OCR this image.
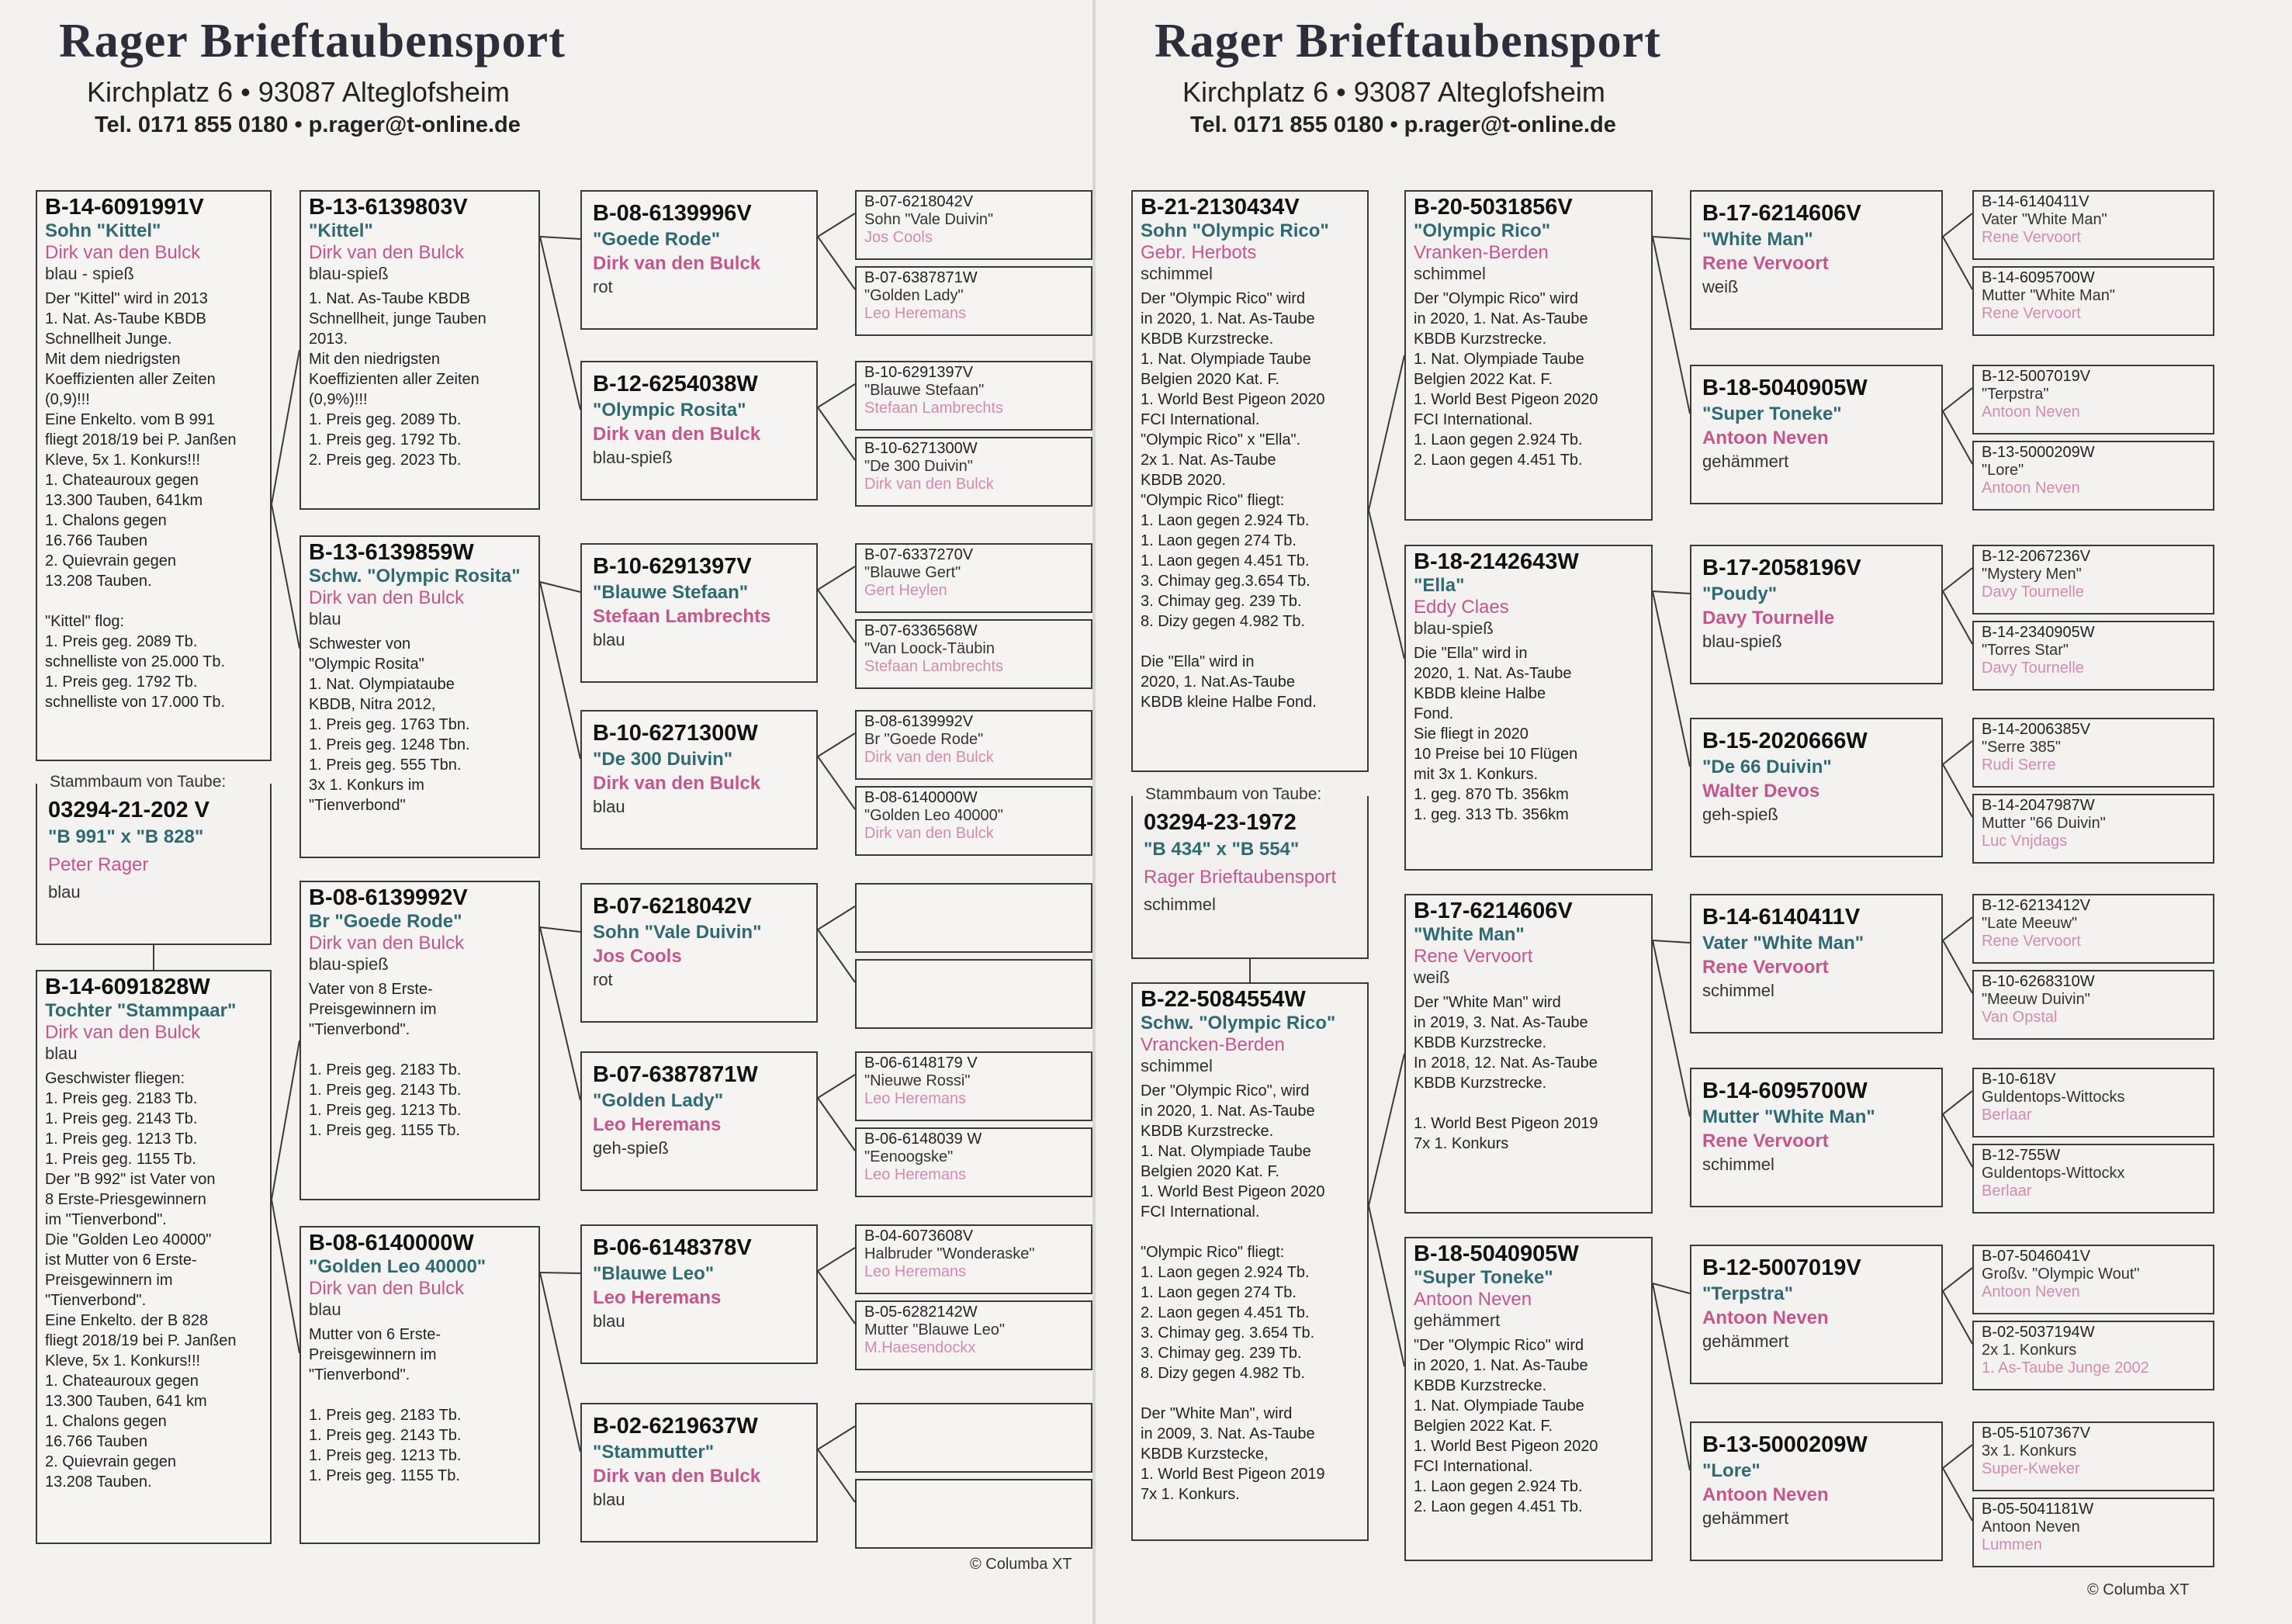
Rager Brieftaubensport
Kirchplatz 6 • 93087 Alteglofsheim
Tel. 0171 855 0180 • p.rager@t-online.de
B-14-6091991V
Sohn "Kittel"
Dirk van den Bulck
blau - spieß
Der "Kittel" wird in 2013
1. Nat. As-Taube KBDB
Schnellheit Junge.
Mit dem niedrigsten
Koeffizienten aller Zeiten
(0,9)!!!
Eine Enkelto. vom B 991
fliegt 2018/19 bei P. Janßen
Kleve, 5x 1. Konkurs!!!
1. Chateauroux gegen
13.300 Tauben, 641km
1. Chalons gegen
16.766 Tauben
2. Quievrain gegen
13.208 Tauben.

"Kittel" flog:
1. Preis geg. 2089 Tb.
schnelliste von 25.000 Tb.
1. Preis geg. 1792 Tb.
schnelliste von 17.000 Tb.
Stammbaum von Taube:
03294-21-202 V
"B 991" x "B 828"
Peter Rager
blau
B-14-6091828W
Tochter "Stammpaar"
Dirk van den Bulck
blau
Geschwister fliegen:
1. Preis geg. 2183 Tb.
1. Preis geg. 2143 Tb.
1. Preis geg. 1213 Tb.
1. Preis geg. 1155 Tb.
Der "B 992" ist Vater von
8 Erste-Priesgewinnern
im "Tienverbond".
Die "Golden Leo 40000"
ist Mutter von 6 Erste-
Preisgewinnern im
"Tienverbond".
Eine Enkelto. der B 828
fliegt 2018/19 bei P. Janßen
Kleve, 5x 1. Konkurs!!!
1. Chateauroux gegen
13.300 Tauben, 641 km
1. Chalons gegen
16.766 Tauben
2. Quievrain gegen
13.208 Tauben.
B-13-6139803V
"Kittel"
Dirk van den Bulck
blau-spieß
1. Nat. As-Taube KBDB
Schnellheit, junge Tauben
2013.
Mit den niedrigsten
Koeffizienten aller Zeiten
(0,9%)!!!
1. Preis geg. 2089 Tb.
1. Preis geg. 1792 Tb.
2. Preis geg. 2023 Tb.
B-13-6139859W
Schw. "Olympic Rosita"
Dirk van den Bulck
blau
Schwester von
"Olympic Rosita"
1. Nat. Olympiataube
KBDB, Nitra 2012,
1. Preis geg. 1763 Tbn.
1. Preis geg. 1248 Tbn.
1. Preis geg. 555 Tbn.
3x 1. Konkurs im
"Tienverbond"
B-08-6139992V
Br "Goede Rode"
Dirk van den Bulck
blau-spieß
Vater von 8 Erste-
Preisgewinnern im
"Tienverbond".

1. Preis geg. 2183 Tb.
1. Preis geg. 2143 Tb.
1. Preis geg. 1213 Tb.
1. Preis geg. 1155 Tb.
B-08-6140000W
"Golden Leo 40000"
Dirk van den Bulck
blau
Mutter von 6 Erste-
Preisgewinnern im
"Tienverbond".

1. Preis geg. 2183 Tb.
1. Preis geg. 2143 Tb.
1. Preis geg. 1213 Tb.
1. Preis geg. 1155 Tb.
B-08-6139996V
"Goede Rode"
Dirk van den Bulck
rot
B-12-6254038W
"Olympic Rosita"
Dirk van den Bulck
blau-spieß
B-10-6291397V
"Blauwe Stefaan"
Stefaan Lambrechts
blau
B-10-6271300W
"De 300 Duivin"
Dirk van den Bulck
blau
B-07-6218042V
Sohn "Vale Duivin"
Jos Cools
rot
B-07-6387871W
"Golden Lady"
Leo Heremans
geh-spieß
B-06-6148378V
"Blauwe Leo"
Leo Heremans
blau
B-02-6219637W
"Stammutter"
Dirk van den Bulck
blau
B-07-6218042V
Sohn "Vale Duivin"
Jos Cools
B-07-6387871W
"Golden Lady"
Leo Heremans
B-10-6291397V
"Blauwe Stefaan"
Stefaan Lambrechts
B-10-6271300W
"De 300 Duivin"
Dirk van den Bulck
B-07-6337270V
"Blauwe Gert"
Gert Heylen
B-07-6336568W
"Van Loock-Täubin
Stefaan Lambrechts
B-08-6139992V
Br "Goede Rode"
Dirk van den Bulck
B-08-6140000W
"Golden Leo 40000"
Dirk van den Bulck
B-06-6148179 V
"Nieuwe Rossi"
Leo Heremans
B-06-6148039 W
"Eenoogske"
Leo Heremans
B-04-6073608V
Halbruder "Wonderaske"
Leo Heremans
B-05-6282142W
Mutter "Blauwe Leo"
M.Haesendockx
© Columba XT
Rager Brieftaubensport
Kirchplatz 6 • 93087 Alteglofsheim
Tel. 0171 855 0180 • p.rager@t-online.de
B-21-2130434V
Sohn "Olympic Rico"
Gebr. Herbots
schimmel
Der "Olympic Rico" wird
in 2020, 1. Nat. As-Taube
KBDB Kurzstrecke.
1. Nat. Olympiade Taube
Belgien 2020 Kat. F.
1. World Best Pigeon 2020
FCI International.
"Olympic Rico" x "Ella".
2x 1. Nat. As-Taube
KBDB 2020.
"Olympic Rico" fliegt:
1. Laon gegen 2.924 Tb.
1. Laon gegen 274 Tb.
1. Laon gegen 4.451 Tb.
3. Chimay geg.3.654 Tb.
3. Chimay geg. 239 Tb.
8. Dizy gegen 4.982 Tb.

Die "Ella" wird in
2020, 1. Nat.As-Taube
KBDB kleine Halbe Fond.
Stammbaum von Taube:
03294-23-1972
"B 434" x "B 554"
Rager Brieftaubensport
schimmel
B-22-5084554W
Schw. "Olympic Rico"
Vrancken-Berden
schimmel
Der "Olympic Rico", wird
in 2020, 1. Nat. As-Taube
KBDB Kurzstrecke.
1. Nat. Olympiade Taube
Belgien 2020 Kat. F.
1. World Best Pigeon 2020
FCI International.

"Olympic Rico" fliegt:
1. Laon gegen 2.924 Tb.
1. Laon gegen 274 Tb.
2. Laon gegen 4.451 Tb.
3. Chimay geg. 3.654 Tb.
3. Chimay geg. 239 Tb.
8. Dizy gegen 4.982 Tb.

Der "White Man", wird
in 2009, 3. Nat. As-Taube
KBDB Kurzstecke,
1. World Best Pigeon 2019
7x 1. Konkurs.
B-20-5031856V
"Olympic Rico"
Vranken-Berden
schimmel
Der "Olympic Rico" wird
in 2020, 1. Nat. As-Taube
KBDB Kurzstrecke.
1. Nat. Olympiade Taube
Belgien 2022 Kat. F.
1. World Best Pigeon 2020
FCI International.
1. Laon gegen 2.924 Tb.
2. Laon gegen 4.451 Tb.
B-18-2142643W
"Ella"
Eddy Claes
blau-spieß
Die "Ella" wird in
2020, 1. Nat. As-Taube
KBDB kleine Halbe
Fond.
Sie fliegt in 2020
10 Preise bei 10 Flügen
mit 3x 1. Konkurs.
1. geg. 870 Tb. 356km
1. geg. 313 Tb. 356km
B-17-6214606V
"White Man"
Rene Vervoort
weiß
Der "White Man" wird
in 2019, 3. Nat. As-Taube
KBDB Kurzstrecke.
In 2018, 12. Nat. As-Taube
KBDB Kurzstrecke.

1. World Best Pigeon 2019
7x 1. Konkurs
B-18-5040905W
"Super Toneke"
Antoon Neven
gehämmert
"Der "Olympic Rico" wird
in 2020, 1. Nat. As-Taube
KBDB Kurzstrecke.
1. Nat. Olympiade Taube
Belgien 2022 Kat. F.
1. World Best Pigeon 2020
FCI International.
1. Laon gegen 2.924 Tb.
2. Laon gegen 4.451 Tb.
B-17-6214606V
"White Man"
Rene Vervoort
weiß
B-18-5040905W
"Super Toneke"
Antoon Neven
gehämmert
B-17-2058196V
"Poudy"
Davy Tournelle
blau-spieß
B-15-2020666W
"De 66 Duivin"
Walter Devos
geh-spieß
B-14-6140411V
Vater "White Man"
Rene Vervoort
schimmel
B-14-6095700W
Mutter "White Man"
Rene Vervoort
schimmel
B-12-5007019V
"Terpstra"
Antoon Neven
gehämmert
B-13-5000209W
"Lore"
Antoon Neven
gehämmert
B-14-6140411V
Vater "White Man"
Rene Vervoort
B-14-6095700W
Mutter "White Man"
Rene Vervoort
B-12-5007019V
"Terpstra"
Antoon Neven
B-13-5000209W
"Lore"
Antoon Neven
B-12-2067236V
"Mystery Men"
Davy Tournelle
B-14-2340905W
"Torres Star"
Davy Tournelle
B-14-2006385V
"Serre 385"
Rudi Serre
B-14-2047987W
Mutter "66 Duivin"
Luc Vnjdags
B-12-6213412V
"Late Meeuw"
Rene Vervoort
B-10-6268310W
"Meeuw Duivin"
Van Opstal
B-10-618V
Guldentops-Wittocks
Berlaar
B-12-755W
Guldentops-Wittockx
Berlaar
B-07-5046041V
Großv. "Olympic Wout"
Antoon Neven
B-02-5037194W
2x 1. Konkurs
1. As-Taube Junge 2002
B-05-5107367V
3x 1. Konkurs
Super-Kweker
B-05-5041181W
Antoon Neven
Lummen
© Columba XT
